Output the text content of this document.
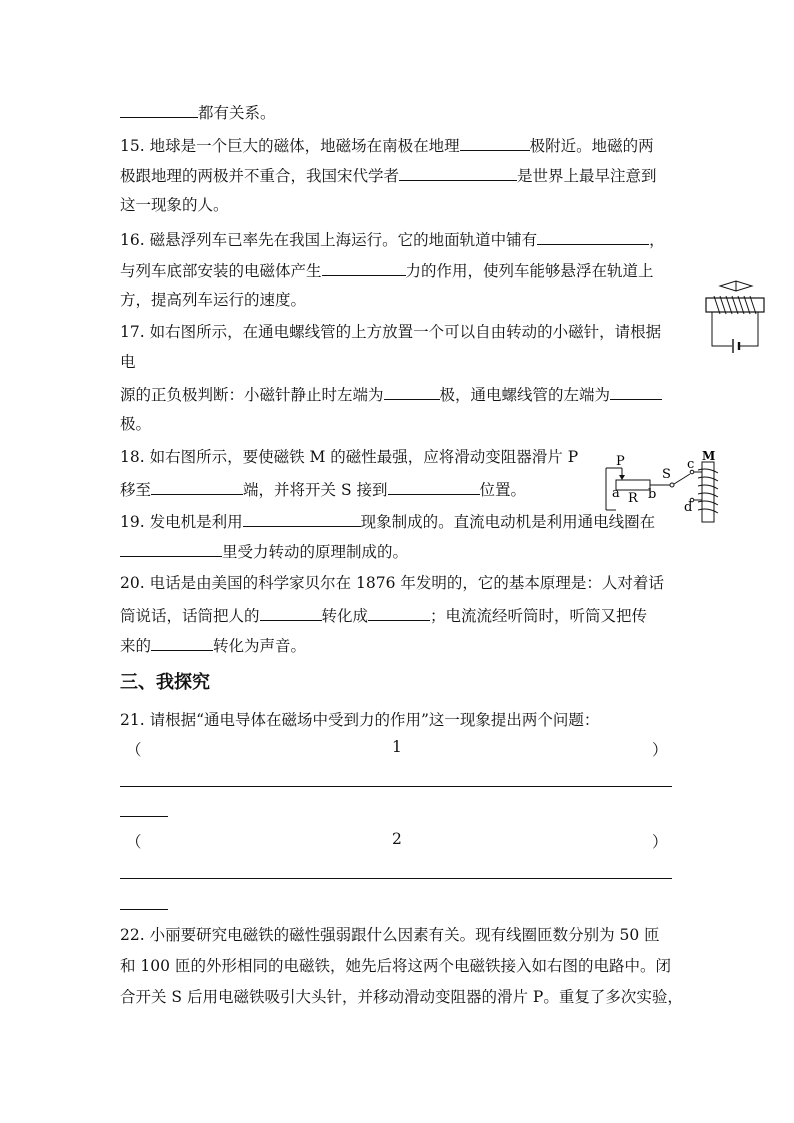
都有关系。
15. 地球是一个巨大的磁体，地磁场在南极在地理	极附近。地磁的两
极跟地理的两极并不重合，我国宋代学者	是世界上最早注意到
这一现象的人。
16. 磁悬浮列车已率先在我国上海运行。它的地面轨道中铺有	，
与列车底部安装的电磁体产生	力的作用，使列车能够悬浮在轨道上
方，提高列车运行的速度。
17. 如右图所示，在通电螺线管的上方放置一个可以自由转动的小磁针，请根据
电
源的正负极判断：小磁针静止时左端为	极，通电螺线管的左端为
极。
18. 如右图所示，要使磁铁 M 的磁性最强，应将滑动变阻器滑片 P
移至	端，并将开关 S 接到	位置。
19. 发电机是利用	现象制成的。直流电动机是利用通电线圈在
里受力转动的原理制成的。
20. 电话是由美国的科学家贝尔在 1876 年发明的，它的基本原理是：人对着话
筒说话，话筒把人的	转化成	；电流流经听筒时，听筒又把传
来的	转化为声音。
三、我探究
21. 请根据“通电导体在磁场中受到力的作用”这一现象提出两个问题：
（	1	）
（	2	）
22. 小丽要研究电磁铁的磁性强弱跟什么因素有关。现有线圈匝数分别为 50 匝
和 100 匝的外形相同的电磁铁，她先后将这两个电磁铁接入如右图的电路中。闭
合开关 S 后用电磁铁吸引大头针，并移动滑动变阻器的滑片 P。重复了多次实验，
P
S
c
M
a R b
d
